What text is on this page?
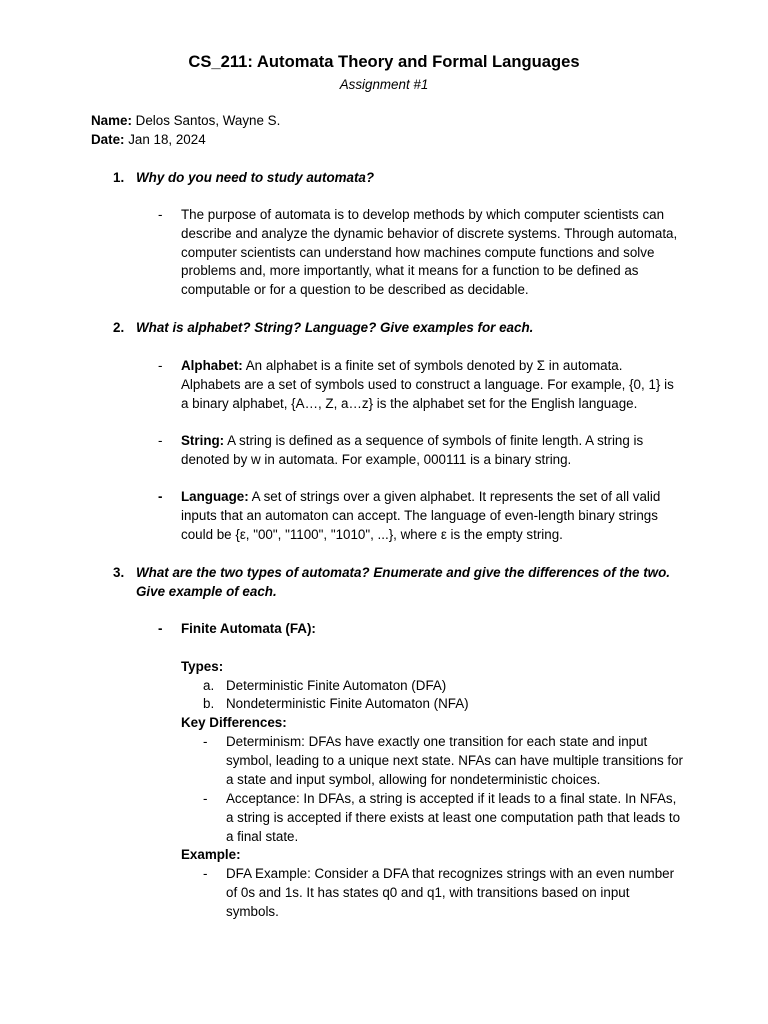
CS_211: Automata Theory and Formal Languages
Assignment #1
Name: Delos Santos, Wayne S.
Date: Jan 18, 2024
1. Why do you need to study automata?
- The purpose of automata is to develop methods by which computer scientists can describe and analyze the dynamic behavior of discrete systems. Through automata, computer scientists can understand how machines compute functions and solve problems and, more importantly, what it means for a function to be defined as computable or for a question to be described as decidable.
2. What is alphabet? String? Language? Give examples for each.
- Alphabet: An alphabet is a finite set of symbols denoted by Σ in automata. Alphabets are a set of symbols used to construct a language. For example, {0, 1} is a binary alphabet, {A…, Z, a…z} is the alphabet set for the English language.
- String: A string is defined as a sequence of symbols of finite length. A string is denoted by w in automata. For example, 000111 is a binary string.
- Language: A set of strings over a given alphabet. It represents the set of all valid inputs that an automaton can accept. The language of even-length binary strings could be {ε, "00", "1100", "1010", ...}, where ε is the empty string.
3. What are the two types of automata? Enumerate and give the differences of the two. Give example of each.
- Finite Automata (FA):
Types:
a. Deterministic Finite Automaton (DFA)
b. Nondeterministic Finite Automaton (NFA)
Key Differences:
- Determinism: DFAs have exactly one transition for each state and input symbol, leading to a unique next state. NFAs can have multiple transitions for a state and input symbol, allowing for nondeterministic choices.
- Acceptance: In DFAs, a string is accepted if it leads to a final state. In NFAs, a string is accepted if there exists at least one computation path that leads to a final state.
Example:
- DFA Example: Consider a DFA that recognizes strings with an even number of 0s and 1s. It has states q0 and q1, with transitions based on input symbols.
